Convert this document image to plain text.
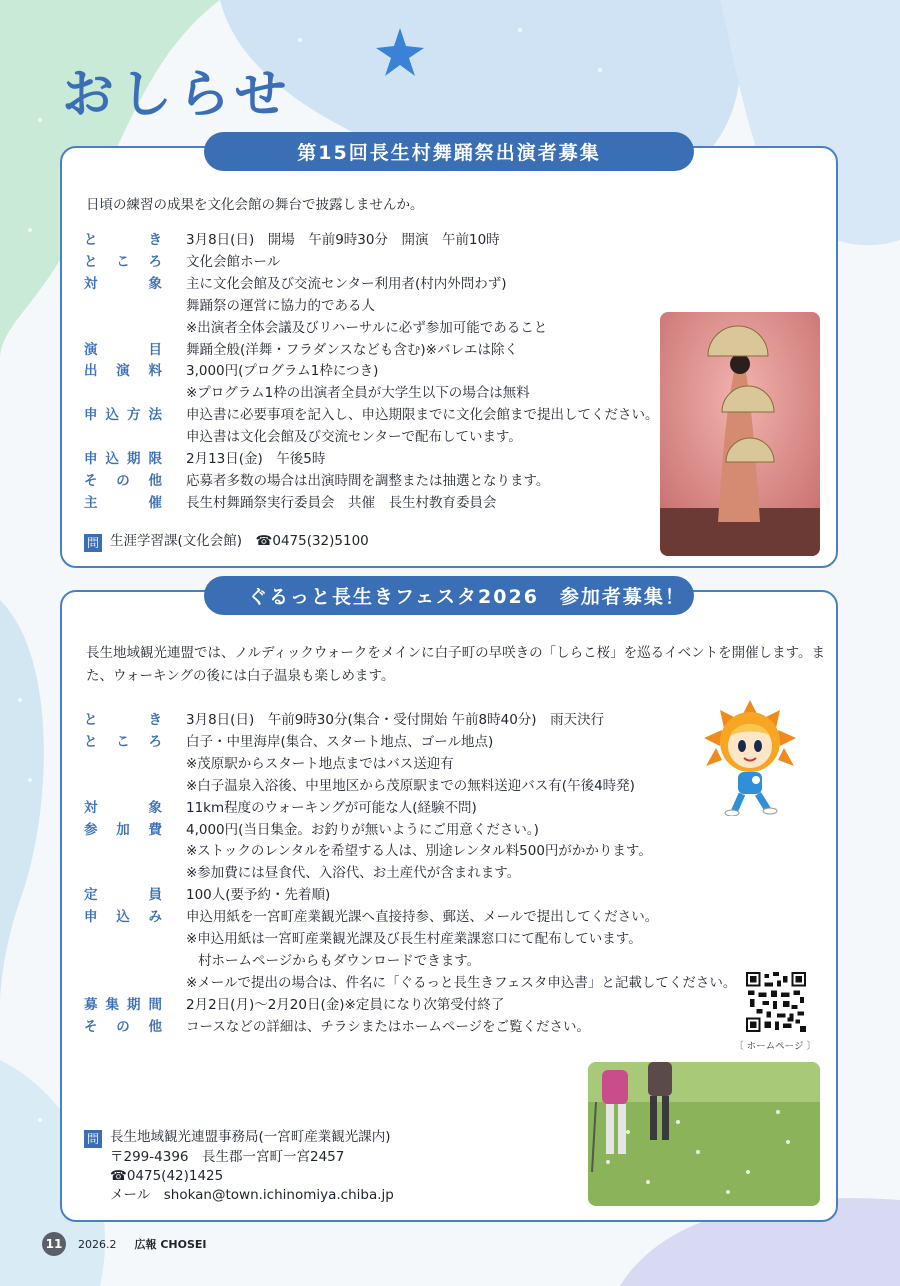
おしらせ
第15回長生村舞踊祭出演者募集
日頃の練習の成果を文化会館の舞台で披露しませんか。
とき 3月8日(日)　開場　午前9時30分　開演　午前10時
ところ 文化会館ホール
対象 主に文化会館及び交流センター利用者(村内外問わず)
舞踊祭の運営に協力的である人
※出演者全体会議及びリハーサルに必ず参加可能であること
演目 舞踊全般(洋舞・フラダンスなども含む)※バレエは除く
出演料 3,000円(プログラム1枠につき)
※プログラム1枠の出演者全員が大学生以下の場合は無料
申込方法 申込書に必要事項を記入し、申込期限までに文化会館まで提出してください。
申込書は文化会館及び交流センターで配布しています。
申込期限 2月13日(金)　午後5時
その他 応募者多数の場合は出演時間を調整または抽選となります。
主催 長生村舞踊祭実行委員会　共催　長生村教育委員会
問 生涯学習課(文化会館)　☎0475(32)5100
ぐるっと長生きフェスタ2026　参加者募集！
長生地域観光連盟では、ノルディックウォークをメインに白子町の早咲きの「しらこ桜」を巡るイベントを開催します。また、ウォーキングの後には白子温泉も楽しめます。
とき 3月8日(日)　午前9時30分(集合・受付開始 午前8時40分)　雨天決行
ところ 白子・中里海岸(集合、スタート地点、ゴール地点)
※茂原駅からスタート地点まではバス送迎有
※白子温泉入浴後、中里地区から茂原駅までの無料送迎バス有(午後4時発)
対象 11km程度のウォーキングが可能な人(経験不問)
参加費 4,000円(当日集金。お釣りが無いようにご用意ください。)
※ストックのレンタルを希望する人は、別途レンタル料500円がかかります。
※参加費には昼食代、入浴代、お土産代が含まれます。
定員 100人(要予約・先着順)
申込み 申込用紙を一宮町産業観光課へ直接持参、郵送、メールで提出してください。
※申込用紙は一宮町産業観光課及び長生村産業課窓口にて配布しています。
村ホームページからもダウンロードできます。
※メールで提出の場合は、件名に「ぐるっと長生きフェスタ申込書」と記載してください。
募集期間 2月2日(月)～2月20日(金)※定員になり次第受付終了
その他 コースなどの詳細は、チラシまたはホームページをご覧ください。
〔 ホームページ 〕
問 長生地域観光連盟事務局(一宮町産業観光課内)
〒299-4396　長生郡一宮町一宮2457
☎0475(42)1425
メール　shokan@town.ichinomiya.chiba.jp
11	2026.2 広報 CHOSEI
